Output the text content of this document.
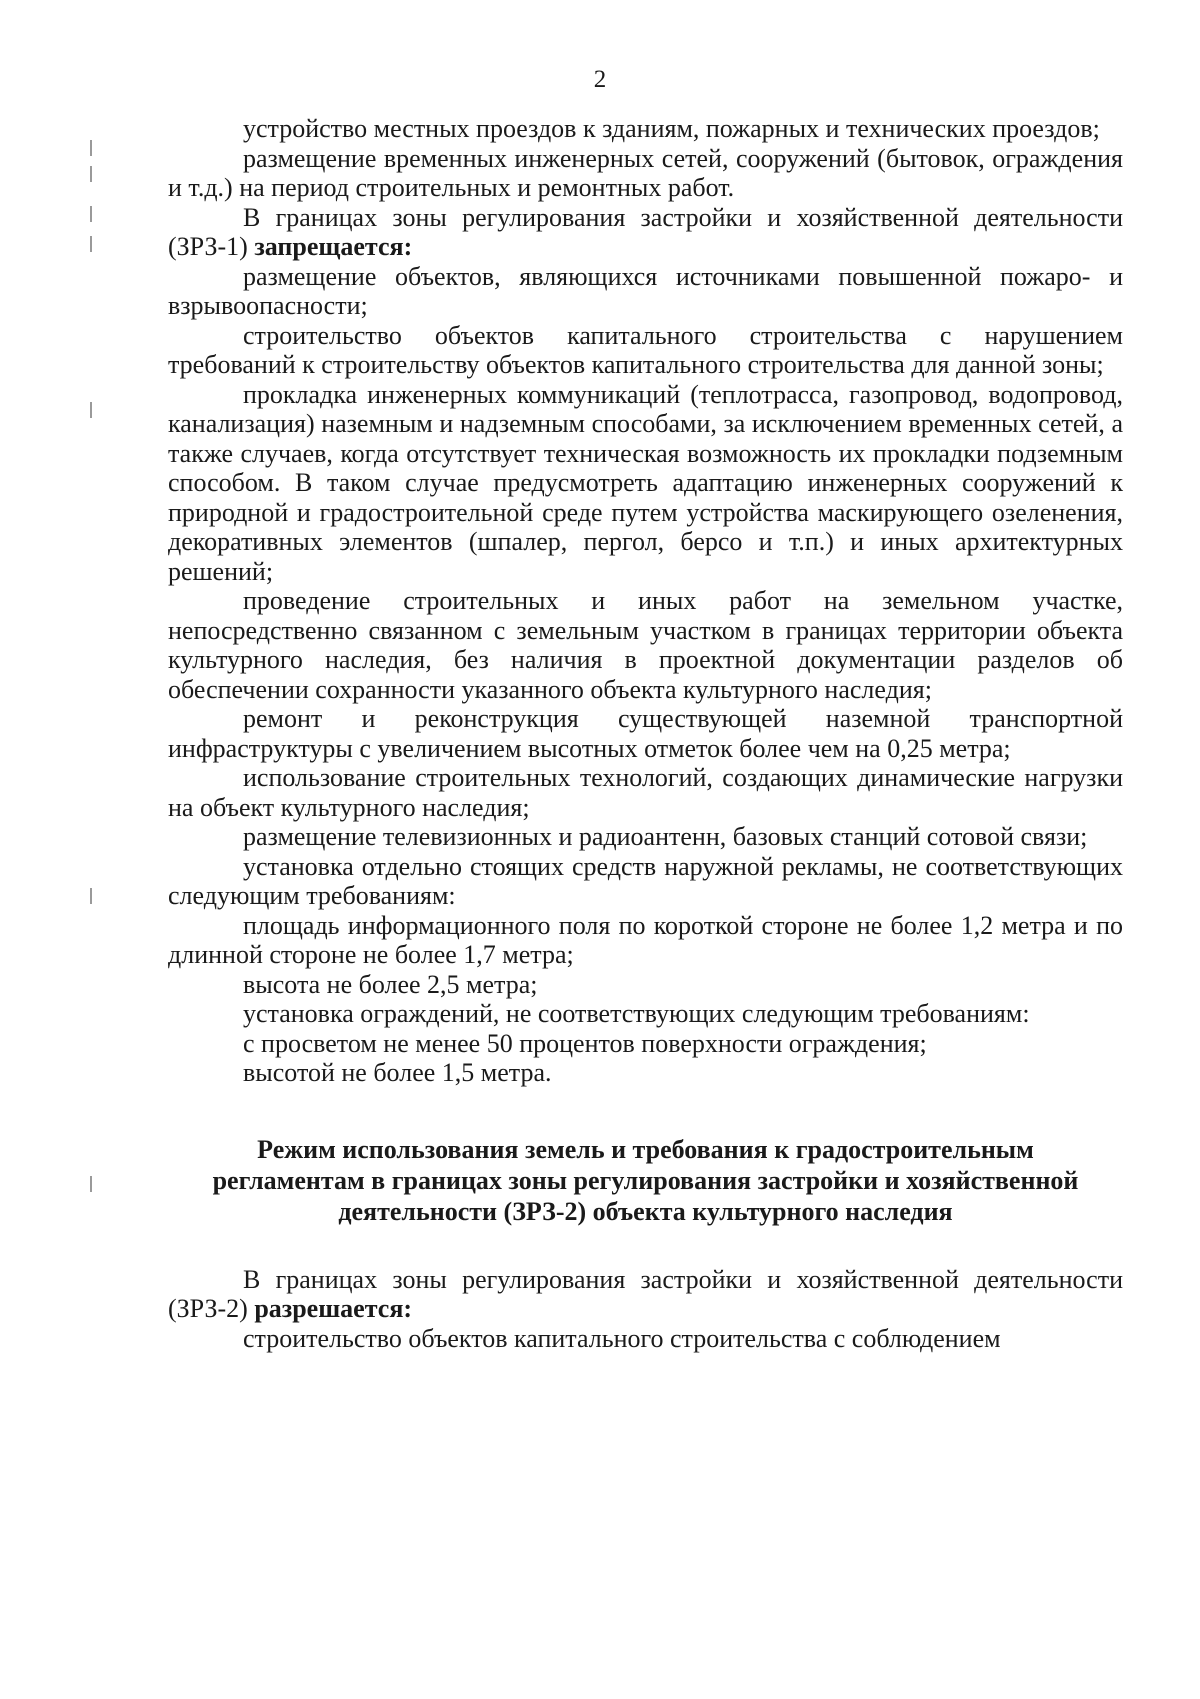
2

устройство местных проездов к зданиям, пожарных и технических проездов;

размещение временных инженерных сетей, сооружений (бытовок, ограждения и т.д.) на период строительных и ремонтных работ.

В границах зоны регулирования застройки и хозяйственной деятельности (ЗРЗ-1) запрещается:

размещение объектов, являющихся источниками повышенной пожаро- и взрывоопасности;

строительство объектов капитального строительства с нарушением требований к строительству объектов капитального строительства для данной зоны;

прокладка инженерных коммуникаций (теплотрасса, газопровод, водопровод, канализация) наземным и надземным способами, за исключением временных сетей, а также случаев, когда отсутствует техническая возможность их прокладки подземным способом. В таком случае предусмотреть адаптацию инженерных сооружений к природной и градостроительной среде путем устройства маскирующего озеленения, декоративных элементов (шпалер, пергол, берсо и т.п.) и иных архитектурных решений;

проведение строительных и иных работ на земельном участке, непосредственно связанном с земельным участком в границах территории объекта культурного наследия, без наличия в проектной документации разделов об обеспечении сохранности указанного объекта культурного наследия;

ремонт и реконструкция существующей наземной транспортной инфраструктуры с увеличением высотных отметок более чем на 0,25 метра;

использование строительных технологий, создающих динамические нагрузки на объект культурного наследия;

размещение телевизионных и радиоантенн, базовых станций сотовой связи;

установка отдельно стоящих средств наружной рекламы, не соответствующих следующим требованиям:

площадь информационного поля по короткой стороне не более 1,2 метра и по длинной стороне не более 1,7 метра;

высота не более 2,5 метра;

установка ограждений, не соответствующих следующим требованиям:

с просветом не менее 50 процентов поверхности ограждения;

высотой не более 1,5 метра.

Режим использования земель и требования к градостроительным регламентам в границах зоны регулирования застройки и хозяйственной деятельности (ЗРЗ-2) объекта культурного наследия

В границах зоны регулирования застройки и хозяйственной деятельности (ЗРЗ-2) разрешается:

строительство объектов капитального строительства с соблюдением
